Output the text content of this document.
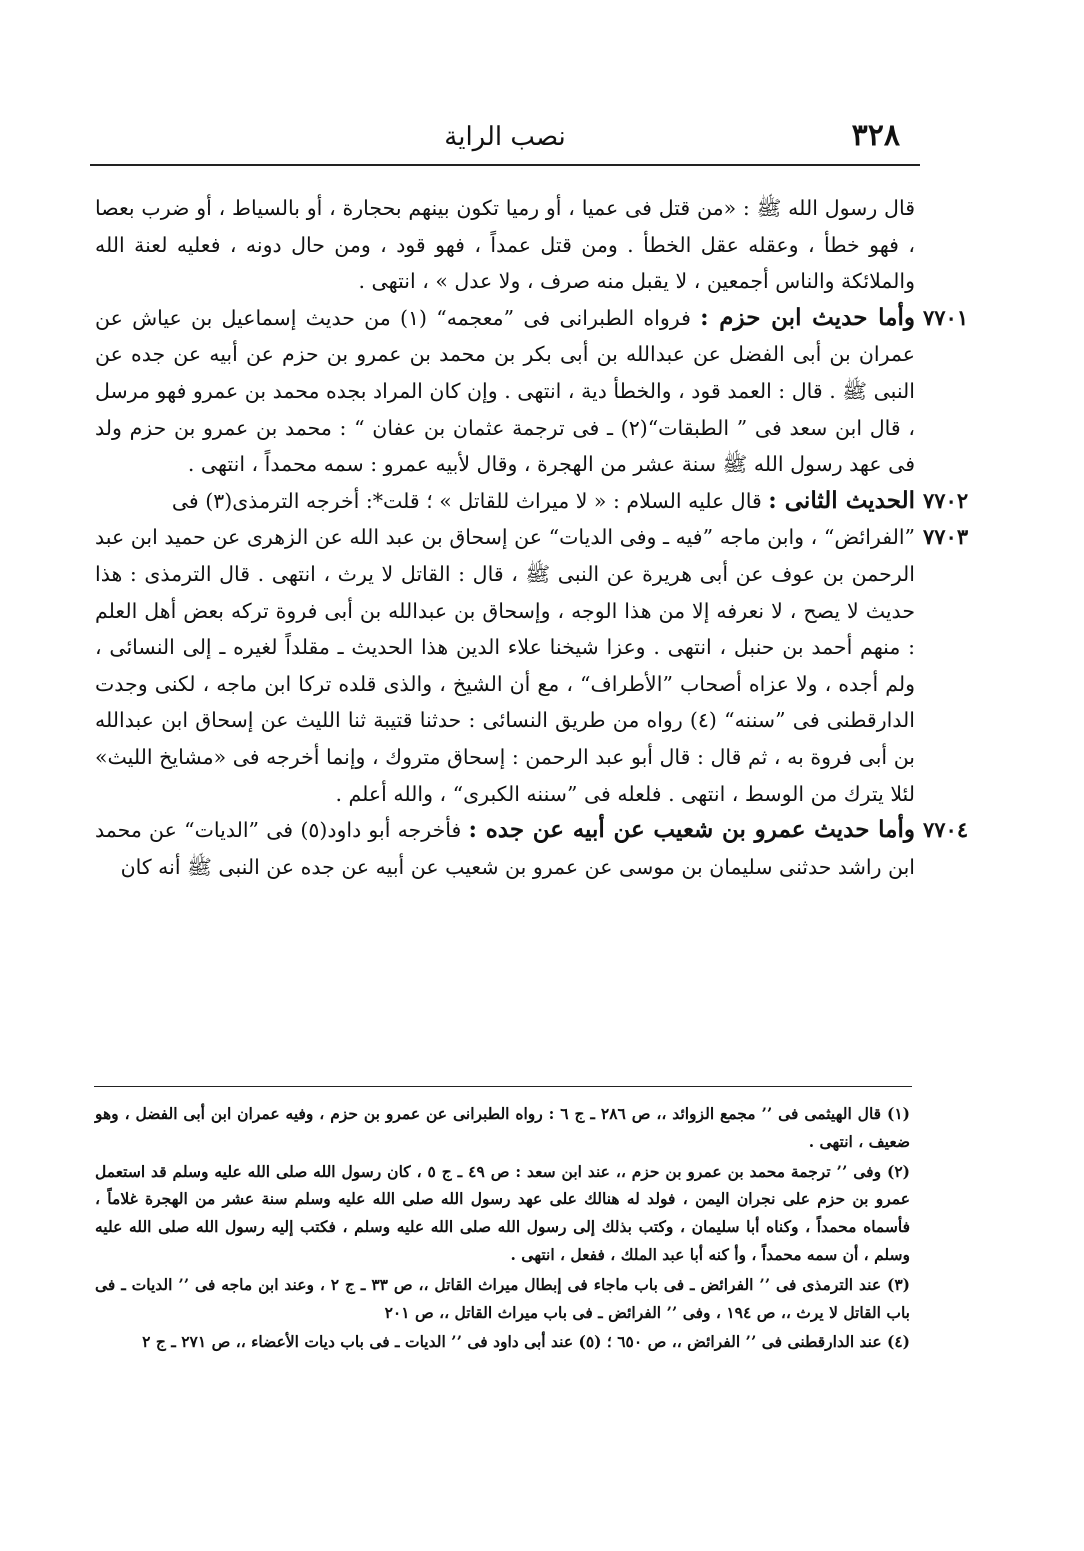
٣٢٨
نصب الراية

قال رسول الله ﷺ : «من قتل فى عميا ، أو رميا تكون بينهم بحجارة ، أو بالسياط ، أو ضرب بعصا ، فهو خطأ ، وعقله عقل الخطأ . ومن قتل عمداً ، فهو قود ، ومن حال دونه ، فعليه لعنة الله والملائكة والناس أجمعين ، لا يقبل منه صرف ، ولا عدل » ، انتهى .

٧٧٠١
وأما حديث ابن حزم : فرواه الطبرانى فى ”معجمه“ (١) من حديث إسماعيل بن عياش عن عمران بن أبى الفضل عن عبدالله بن أبى بكر بن محمد بن عمرو بن حزم عن أبيه عن جده عن النبى ﷺ . قال : العمد قود ، والخطأ دية ، انتهى . وإن كان المراد بجده محمد بن عمرو فهو مرسل ، قال ابن سعد فى ” الطبقات“(٢) ـ فى ترجمة عثمان بن عفان “ : محمد بن عمرو بن حزم ولد فى عهد رسول الله ﷺ سنة عشر من الهجرة ، وقال لأبيه عمرو : سمه محمداً ، انتهى .

٧٧٠٢
الحديث الثانى : قال عليه السلام : « لا ميراث للقاتل » ؛ قلت*: أخرجه الترمذى(٣) فى

٧٧٠٣
”الفرائض“ ، وابن ماجه ”فيه ـ وفى الديات“ عن إسحاق بن عبد الله عن الزهرى عن حميد ابن عبد الرحمن بن عوف عن أبى هريرة عن النبى ﷺ ، قال : القاتل لا يرث ، انتهى . قال الترمذى : هذا حديث لا يصح ، لا نعرفه إلا من هذا الوجه ، وإسحاق بن عبدالله بن أبى فروة تركه بعض أهل العلم : منهم أحمد بن حنبل ، انتهى . وعزا شيخنا علاء الدين هذا الحديث ـ مقلداً لغيره ـ إلى النسائى ، ولم أجده ، ولا عزاه أصحاب ”الأطراف“ ، مع أن الشيخ ، والذى قلده تركا ابن ماجه ، لكنى وجدت الدارقطنى فى ”سننه“ (٤) رواه من طريق النسائى : حدثنا قتيبة ثنا الليث عن إسحاق ابن عبدالله بن أبى فروة به ، ثم قال : قال أبو عبد الرحمن : إسحاق متروك ، وإنما أخرجه فى «مشايخ الليث» لئلا يترك من الوسط ، انتهى . فلعله فى ”سننه الكبرى“ ، والله أعلم .

٧٧٠٤
وأما حديث عمرو بن شعيب عن أبيه عن جده : فأخرجه أبو داود(٥) فى ”الديات“ عن محمد ابن راشد حدثنى سليمان بن موسى عن عمرو بن شعيب عن أبيه عن جده عن النبى ﷺ أنه كان

(١) قال الهيثمى فى ’’ مجمع الزوائد ،، ص ٢٨٦ ـ ج ٦ : رواه الطبرانى عن عمرو بن حزم ، وفيه عمران ابن أبى الفضل ، وهو ضعيف ، انتهى .

(٢) وفى ’’ ترجمة محمد بن عمرو بن حزم ،، عند ابن سعد : ص ٤٩ ـ ج ٥ ، كان رسول الله صلى الله عليه وسلم قد استعمل عمرو بن حزم على نجران اليمن ، فولد له هنالك على عهد رسول الله صلى الله عليه وسلم سنة عشر من الهجرة غلاماً ، فأسماه محمداً ، وكناه أبا سليمان ، وكتب بذلك إلى رسول الله صلى الله عليه وسلم ، فكتب إليه رسول الله صلى الله عليه وسلم ، أن سمه محمداً ، وأ كنه أبا عبد الملك ، ففعل ، انتهى .

(٣) عند الترمذى فى ’’ الفرائض ـ فى باب ماجاء فى إبطال ميراث القاتل ،، ص ٣٣ ـ ج ٢ ، وعند ابن ماجه فى ’’ الديات ـ فى باب القاتل لا يرث ،، ص ١٩٤ ، وفى ’’ الفرائض ـ فى باب ميراث القاتل ،، ص ٢٠١

(٤) عند الدارقطنى فى ’’ الفرائض ،، ص ٦٥٠ ؛ (٥) عند أبى داود فى ’’ الديات ـ فى باب ديات الأعضاء ،، ص ٢٧١ ـ ج ٢
